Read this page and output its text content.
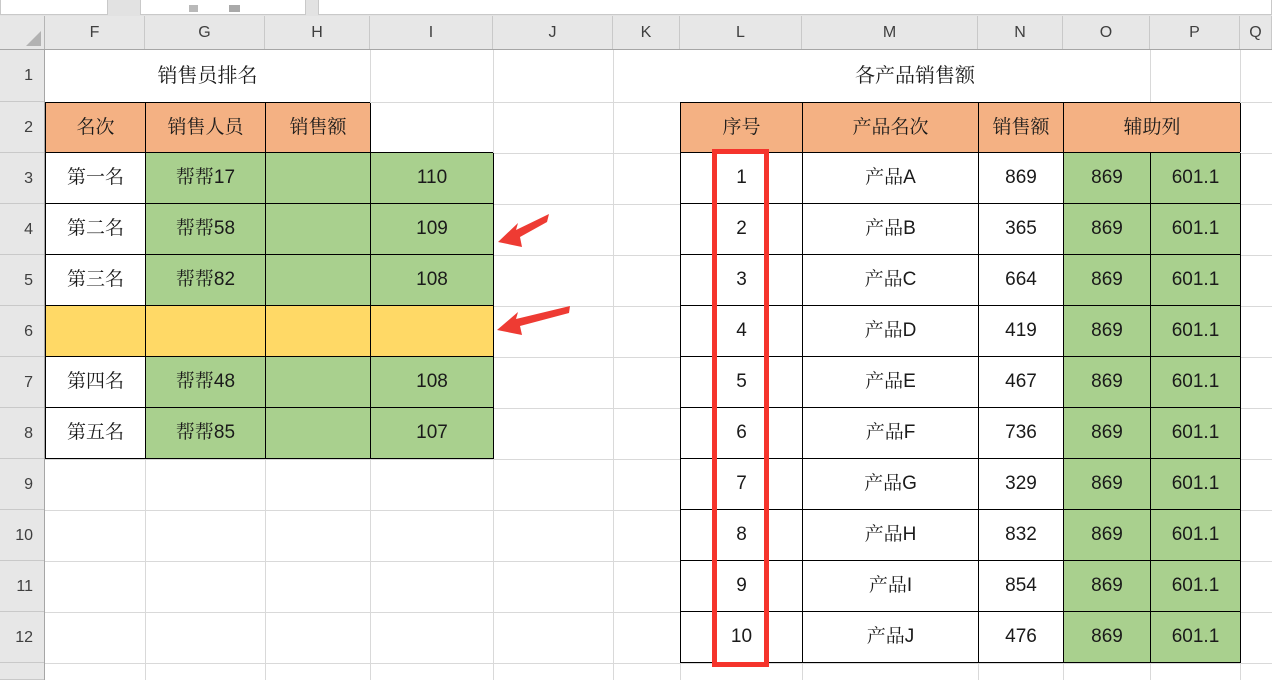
F	G	H	I	J	K	L	M	N	O	P	Q
1
2
3
4
5
6
7
8
9
10
11
12
销售员排名
名次	销售人员	销售额
第一名	帮帮17	110
第二名	帮帮58	109
第三名	帮帮82	108
第四名	帮帮48	108
第五名	帮帮85	107
各产品销售额
序号	产品名次	销售额	辅助列
1	产品A	869	869	601.1
2	产品B	365	869	601.1
3	产品C	664	869	601.1
4	产品D	419	869	601.1
5	产品E	467	869	601.1
6	产品F	736	869	601.1
7	产品G	329	869	601.1
8	产品H	832	869	601.1
9	产品I	854	869	601.1
10	产品J	476	869	601.1
